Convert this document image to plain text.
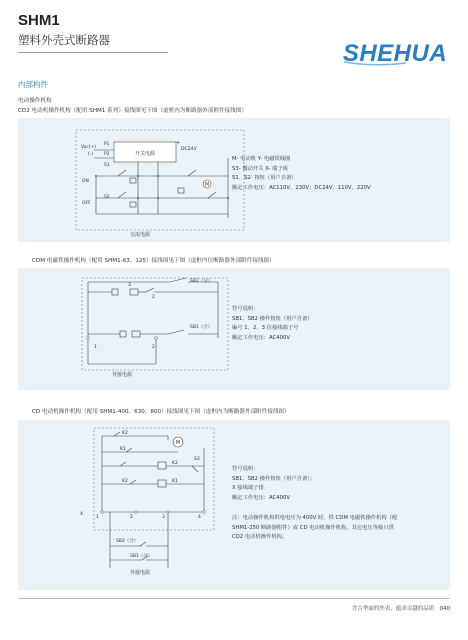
SHM1
塑料外壳式断路器	SHEHUA
内部构件
电动操作机构
CD2 电动机操作机构（配用 SHM1 系列）接线图见下图（虚框内为断路器外部附件接线图）
开关电源
+
DC24V
Vac(+)
(-)
P1
P2
S1
ON
OFF
S2
M
交流电源
M- 电动机 Y- 电磁铁线圈
S3- 微动开关 X- 端子板
S1、S2- 按钮（用户自备）
额定工作电压：AC110V、230V；DC24V、110V、220V
CDM 电磁铁操作机构（配用 SHM1-63、125）接线图见下图（虚框内位断路器外部附件接线图）
SB2（分）
SB1（合）
1
2
3
2
外接电源
符号说明：
SB1、SB2 操作按钮（用户自备）
编号 1、2、3 位接线端子号
额定工作电压：AC400V
CD 电动机操作机构（配用 SHM1-400、630、800）接线图见下图（虚框内为断路器外部附件接线图）
M
K2
K1
K2
K1
K2
S3
X
1	2	3	4
SB2（合）
SB1（分）
外接电源
符号说明：
SB1、SB2 操作按钮（用户自备）；
X 接线端子排
额定工作电压：AC400V
注：电动操作机构供电电压为 400V 时，供 CDM 电磁铁操作机构（配
SHM1-250 断路器附件）或 CD 电动机操作机构，其它电压等级只供
CD2 电动机操作机构。
含古华丽的外表，蕴求卓越的品质 040
